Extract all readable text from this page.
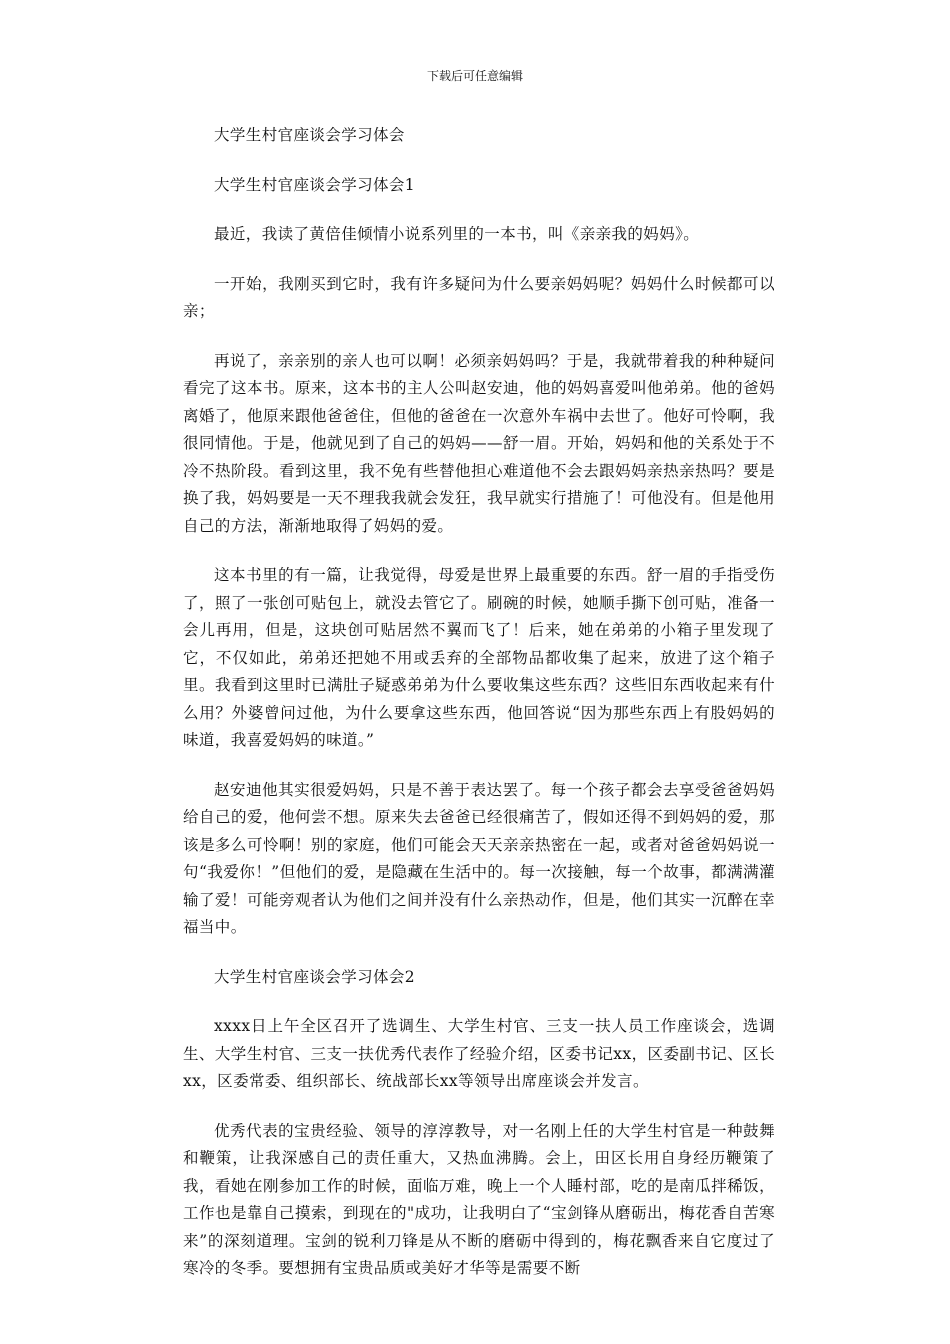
下载后可任意编辑

大学生村官座谈会学习体会

大学生村官座谈会学习体会1

最近，我读了黄倍佳倾情小说系列里的一本书，叫《亲亲我的妈妈》。

一开始，我刚买到它时，我有许多疑问为什么要亲妈妈呢？妈妈什么时候都可以亲；

再说了，亲亲别的亲人也可以啊！必须亲妈妈吗？于是，我就带着我的种种疑问看完了这本书。原来，这本书的主人公叫赵安迪，他的妈妈喜爱叫他弟弟。他的爸妈离婚了，他原来跟他爸爸住，但他的爸爸在一次意外车祸中去世了。他好可怜啊，我很同情他。于是，他就见到了自己的妈妈——舒一眉。开始，妈妈和他的关系处于不冷不热阶段。看到这里，我不免有些替他担心难道他不会去跟妈妈亲热亲热吗？要是换了我，妈妈要是一天不理我我就会发狂，我早就实行措施了！可他没有。但是他用自己的方法，渐渐地取得了妈妈的爱。

这本书里的有一篇，让我觉得，母爱是世界上最重要的东西。舒一眉的手指受伤了，照了一张创可贴包上，就没去管它了。刷碗的时候，她顺手撕下创可贴，准备一会儿再用，但是，这块创可贴居然不翼而飞了！后来，她在弟弟的小箱子里发现了它，不仅如此，弟弟还把她不用或丢弃的全部物品都收集了起来，放进了这个箱子里。我看到这里时已满肚子疑惑弟弟为什么要收集这些东西？这些旧东西收起来有什么用？外婆曾问过他，为什么要拿这些东西，他回答说“因为那些东西上有股妈妈的味道，我喜爱妈妈的味道。”

赵安迪他其实很爱妈妈，只是不善于表达罢了。每一个孩子都会去享受爸爸妈妈给自己的爱，他何尝不想。原来失去爸爸已经很痛苦了，假如还得不到妈妈的爱，那该是多么可怜啊！别的家庭，他们可能会天天亲亲热密在一起，或者对爸爸妈妈说一句“我爱你！”但他们的爱，是隐藏在生活中的。每一次接触，每一个故事，都满满灌输了爱！可能旁观者认为他们之间并没有什么亲热动作，但是，他们其实一沉醉在幸福当中。

大学生村官座谈会学习体会2

xxxx日上午全区召开了选调生、大学生村官、三支一扶人员工作座谈会，选调生、大学生村官、三支一扶优秀代表作了经验介绍，区委书记xx，区委副书记、区长xx，区委常委、组织部长、统战部长xx等领导出席座谈会并发言。

优秀代表的宝贵经验、领导的淳淳教导，对一名刚上任的大学生村官是一种鼓舞和鞭策，让我深感自己的责任重大，又热血沸腾。会上，田区长用自身经历鞭策了我，看她在刚参加工作的时候，面临万难，晚上一个人睡村部，吃的是南瓜拌稀饭，工作也是靠自己摸索，到现在的"成功，让我明白了“宝剑锋从磨砺出，梅花香自苦寒来”的深刻道理。宝剑的锐利刀锋是从不断的磨砺中得到的，梅花飘香来自它度过了寒冷的冬季。要想拥有宝贵品质或美好才华等是需要不断
